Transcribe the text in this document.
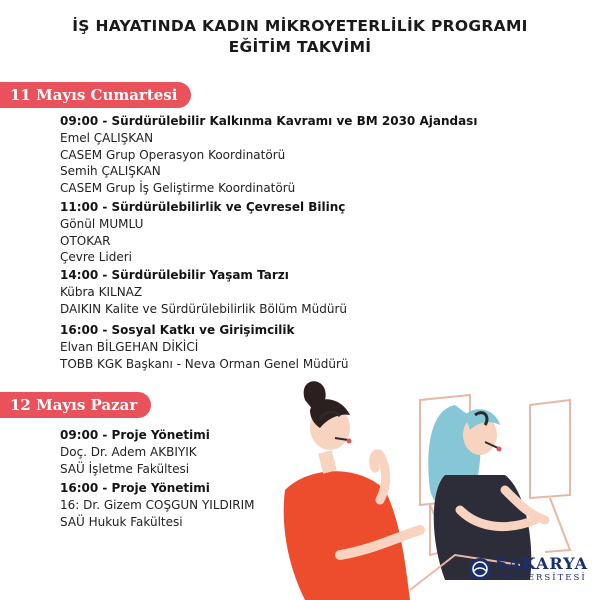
İŞ HAYATINDA KADIN MİKROYETERLİLİK PROGRAMI
EĞİTİM TAKVİMİ
11 Mayıs Cumartesi
09:00 - Sürdürülebilir Kalkınma Kavramı ve BM 2030 Ajandası
Emel ÇALIŞKAN
CASEM Grup Operasyon Koordinatörü
Semih ÇALIŞKAN
CASEM Grup İş Geliştirme Koordinatörü
11:00 - Sürdürülebilirlik ve Çevresel Bilinç
Gönül MUMLU
OTOKAR
Çevre Lideri
14:00 - Sürdürülebilir Yaşam Tarzı
Kübra KILNAZ
DAIKIN Kalite ve Sürdürülebilirlik Bölüm Müdürü
16:00 - Sosyal Katkı ve Girişimcilik
Elvan BİLGEHAN DİKİCİ
TOBB KGK Başkanı - Neva Orman Genel Müdürü
12 Mayıs Pazar
09:00 - Proje Yönetimi
Doç. Dr. Adem AKBIYIK
SAÜ İşletme Fakültesi
16:00 - Proje Yönetimi
16: Dr. Gizem COŞGUN YILDIRIM
SAÜ Hukuk Fakültesi
SAKARYA
ÜNİVERSİTESİ
